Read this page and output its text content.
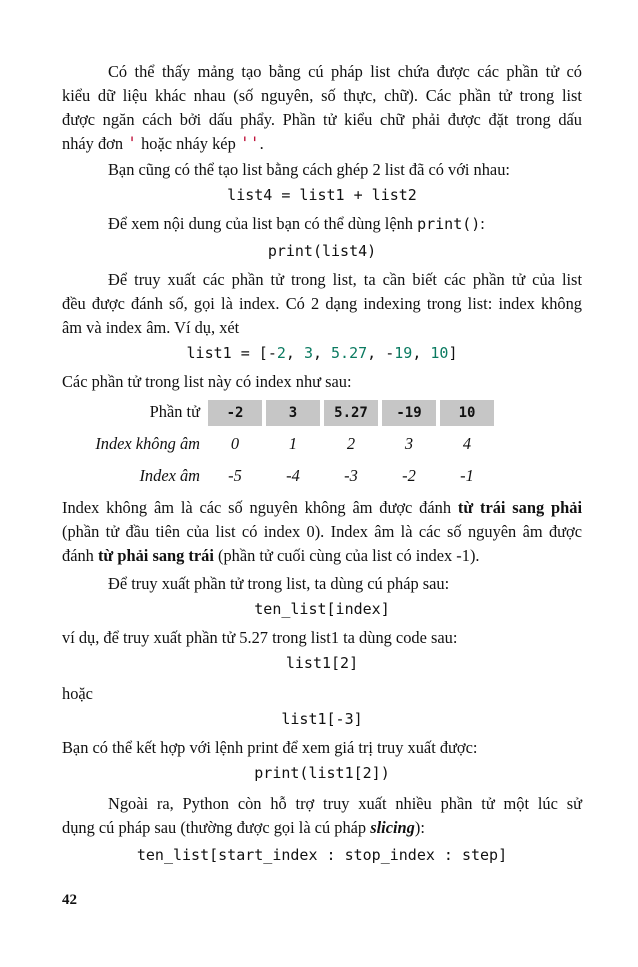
Có thể thấy mảng tạo bằng cú pháp list chứa được các phần tử có
kiểu dữ liệu khác nhau (số nguyên, số thực, chữ). Các phần tử trong list
được ngăn cách bởi dấu phẩy. Phần tử kiểu chữ phải được đặt trong dấu
nháy đơn ' hoặc nháy kép ''.
Bạn cũng có thể tạo list bằng cách ghép 2 list đã có với nhau:
list4 = list1 + list2
Để xem nội dung của list bạn có thể dùng lệnh print():
print(list4)
Để truy xuất các phần tử trong list, ta cần biết các phần tử của list
đều được đánh số, gọi là index. Có 2 dạng indexing trong list: index không
âm và index âm. Ví dụ, xét
list1 = [-2, 3, 5.27, -19, 10]
Các phần tử trong list này có index như sau:
Phần tử	-2	3	5.27	-19	10
Index không âm	0	1	2	3	4
Index âm	-5	-4	-3	-2	-1
Index không âm là các số nguyên không âm được đánh từ trái sang phải
(phần tử đầu tiên của list có index 0). Index âm là các số nguyên âm được
đánh từ phải sang trái (phần tử cuối cùng của list có index -1).
Để truy xuất phần tử trong list, ta dùng cú pháp sau:
ten_list[index]
ví dụ, để truy xuất phần tử 5.27 trong list1 ta dùng code sau:
list1[2]
hoặc
list1[-3]
Bạn có thể kết hợp với lệnh print để xem giá trị truy xuất được:
print(list1[2])
Ngoài ra, Python còn hỗ trợ truy xuất nhiều phần tử một lúc sử
dụng cú pháp sau (thường được gọi là cú pháp slicing):
ten_list[start_index : stop_index : step]
42
